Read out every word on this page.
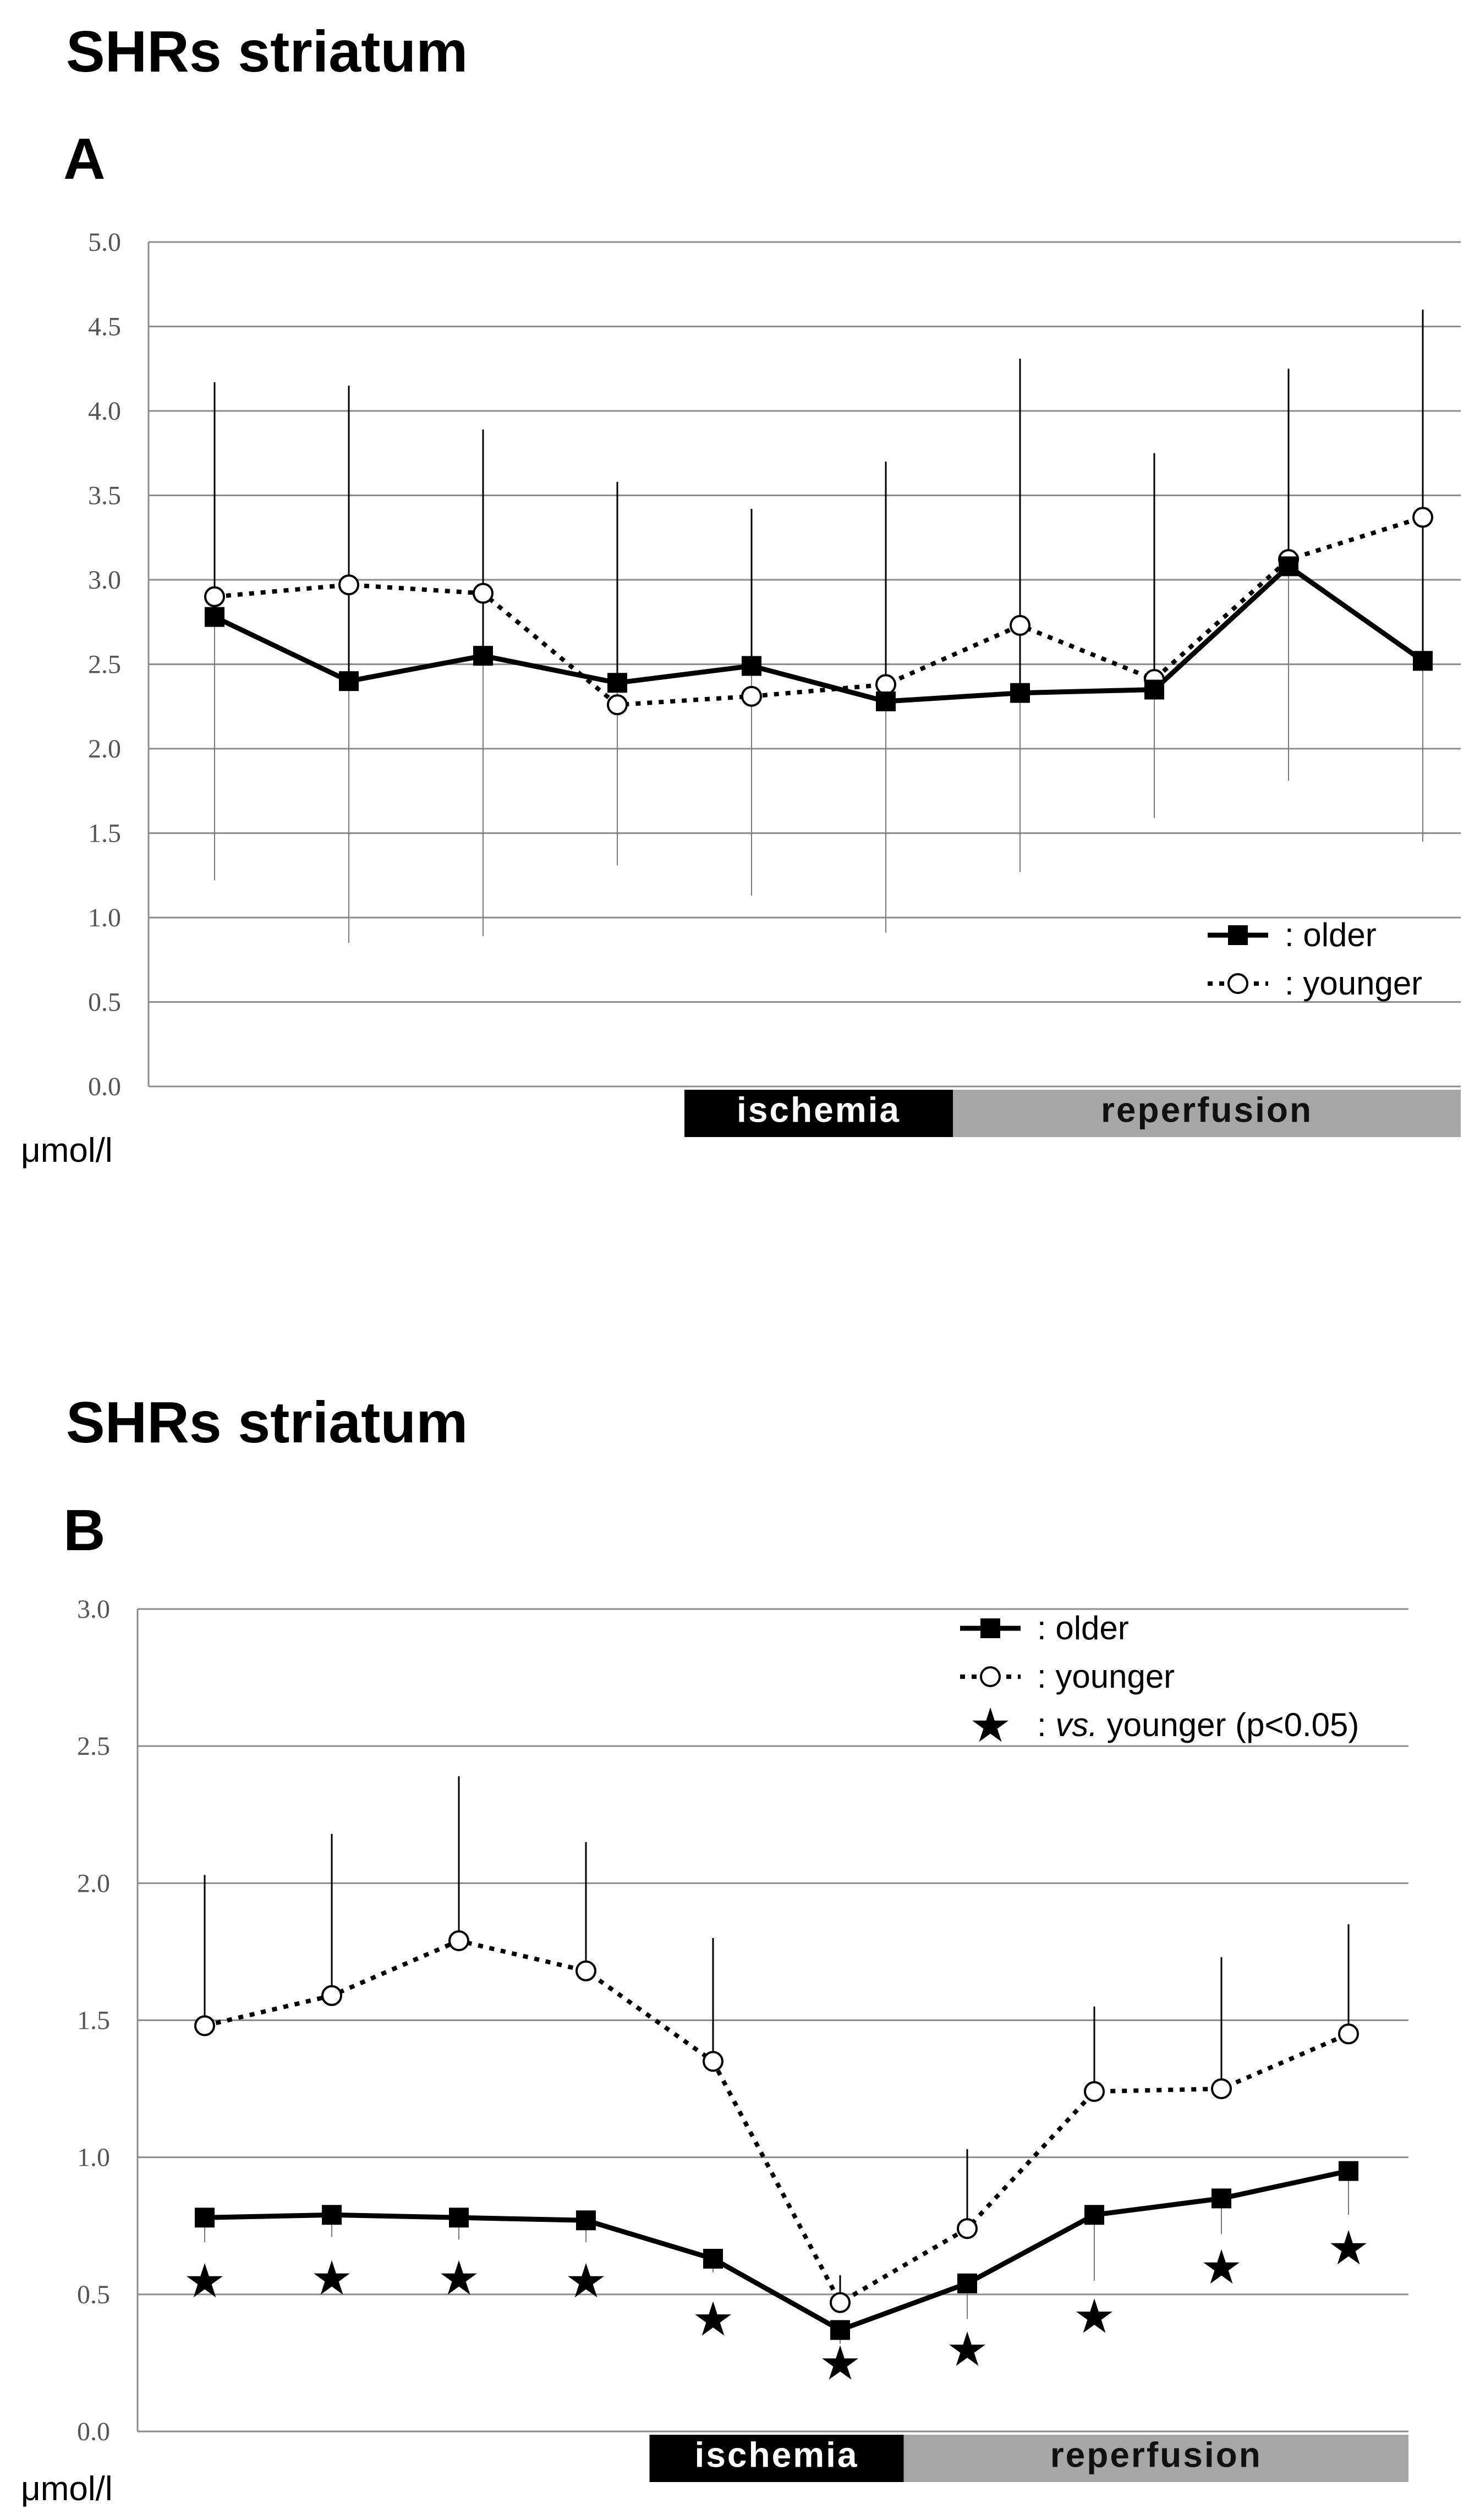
SHRs striatum
A
0.0
0.5
1.0
1.5
2.0
2.5
3.0
3.5
4.0
4.5
5.0
ischemia	reperfusion
: older
: younger
μmol/l
SHRs striatum
B
0.0
0.5
1.0
1.5
2.0
2.5
3.0
ischemia	reperfusion
★ ★ ★ ★
★
★ ★
★
★ ★
: older
: younger
★ : vs. younger (p<0.05)
μmol/l
